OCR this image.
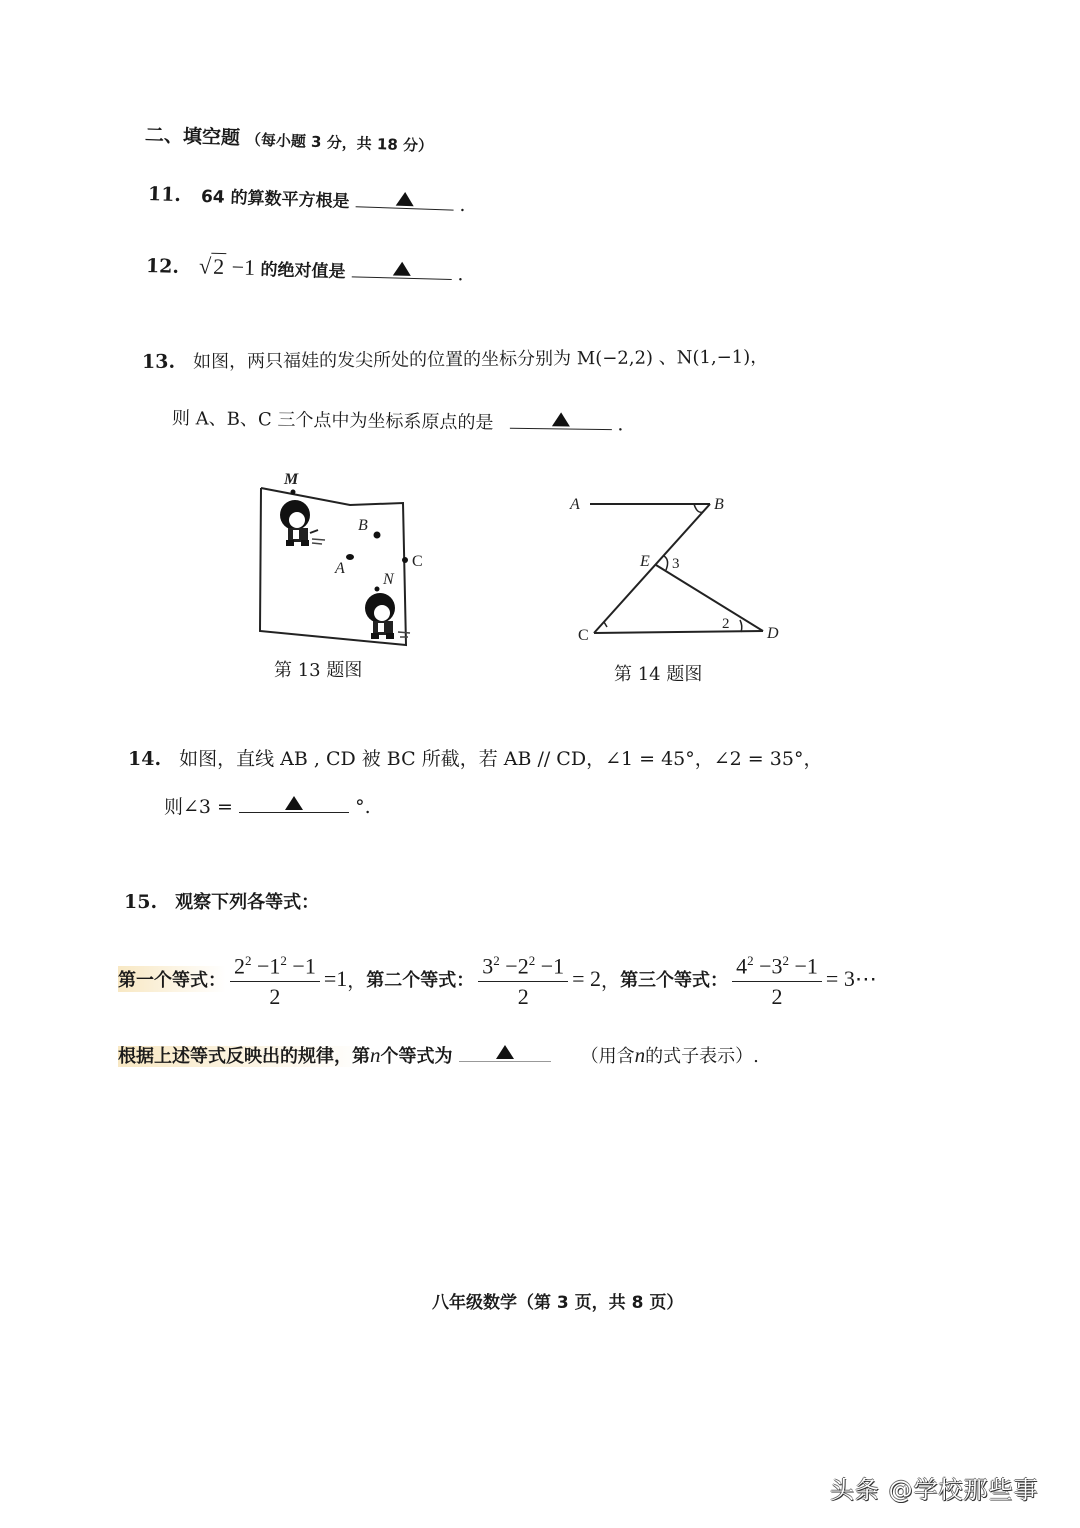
二、填空题 （每小题 3 分，共 18 分）
11. 64 的算数平方根是	.
12. √2 −1 的绝对值是	.
13. 如图，两只福娃的发尖所处的位置的坐标分别为 M(−2,2) 、N(1,−1)，
则 A、B、C 三个点中为坐标系原点的是	.
M
B
A	C
N
第 13 题图
A	B
E 3
C	D
2
第 14 题图
14. 如图，直线 AB , CD 被 BC 所截，若 AB // CD，∠1 = 45°，∠2 = 35°，
则∠3 =	°.
15. 观察下列各等式：
第一个等式： $\frac{2^2 -1^2 -1}{2} =1$ ， 第二个等式： $\frac{3^2 -2^2 -1}{2} = 2$ ， 第三个等式： $\frac{4^2 -3^2 -1}{2}$ = 3⋯
根据上述等式反映出的规律，第n个等式为	（用含n的式子表示）.
八年级数学（第 3 页，共 8 页）
头条 @学校那些事
